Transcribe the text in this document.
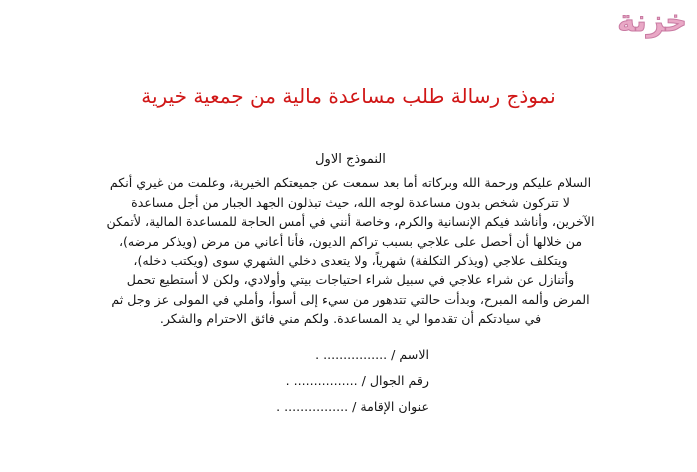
خزنة
نموذج رسالة طلب مساعدة مالية من جمعية خيرية
النموذج الاول

السلام عليكم ورحمة الله وبركاته أما بعد سمعت عن جميعتكم الخيرية، وعلمت من غيري أنكم
لا تتركون شخص بدون مساعدة لوجه الله، حيث تبذلون الجهد الجبار من أجل مساعدة
الآخرين، وأناشد فيكم الإنسانية والكرم، وخاصة أنني في أمس الحاجة للمساعدة المالية، لأتمكن
من خلالها أن أحصل على علاجي بسبب تراكم الديون، فأنا أعاني من مرض (ويذكر مرضه)،
ويتكلف علاجي (ويذكر التكلفة) شهرياً، ولا يتعدى دخلي الشهري سوى (ويكتب دخله)،
وأتنازل عن شراء علاجي في سبيل شراء احتياجات بيتي وأولادي، ولكن لا أستطيع تحمل
المرض وألمه المبرح، وبدأت حالتي تتدهور من سيء إلى أسوأ، وأملي في المولى عز وجل ثم
في سيادتكم أن تقدموا لي يد المساعدة. ولكم مني فائق الاحترام والشكر.

الاسم / ................ .
رقم الجوال / ................ .
عنوان الإقامة / ................ .
